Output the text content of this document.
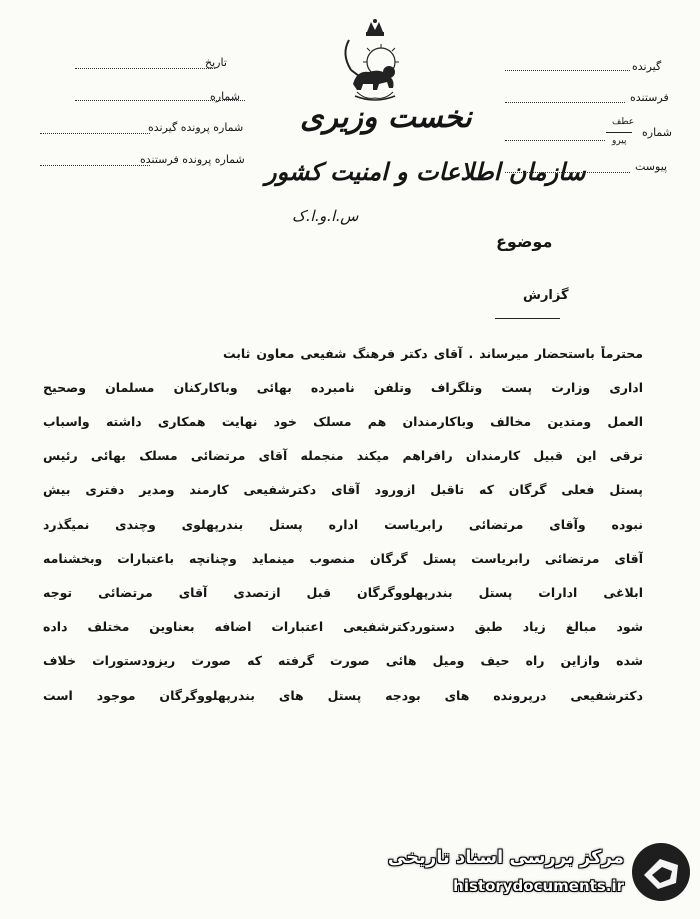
تاریخ
شماره
شماره پرونده گیرنده
شماره پرونده فرستنده
نخست وزیری
سازمان اطلاعات و امنیت کشور
س.ا.و.ا.ک
گیرنده
فرستنده
عطف
پیرو
شماره
پیوست
موضوع
گزارش
محترماً باستحضار میرساند . آقای دکتر فرهنگ شفیعی معاون ثابت
اداری وزارت پست وتلگراف وتلفن نامبرده بهائی وباکارکنان مسلمان وصحیح
العمل ومتدین مخالف وباکارمندان هم مسلک خود نهایت همکاری داشته واسباب
ترقی این قبیل کارمندان رافراهم میکند منجمله آقای مرتضائی مسلک بهائی رئیس
پستل فعلی گرگان که تاقبل ازورود آقای دکترشفیعی کارمند ومدیر دفتری بیش
نبوده وآقای مرتضائی رابریاست اداره پستل بندرپهلوی وچندی نمیگذرد
آقای مرتضائی رابریاست پستل گرگان منصوب مینماید وچنانچه باعتبارات وبخشنامه
ابلاغی ادارات پستل بندرپهلووگرگان قبل ازتصدی آقای مرتضائی توجه
شود مبالغ زیاد طبق دستوردکترشفیعی اعتبارات اضافه بعناوین مختلف داده
شده وازاین راه حیف ومیل هائی صورت گرفته که صورت ریزودستورات خلاف
دکترشفیعی درپرونده های بودجه پستل های بندرپهلووگرگان موجود است
مرکز بررسی اسناد تاریخی
historydocuments.ir
